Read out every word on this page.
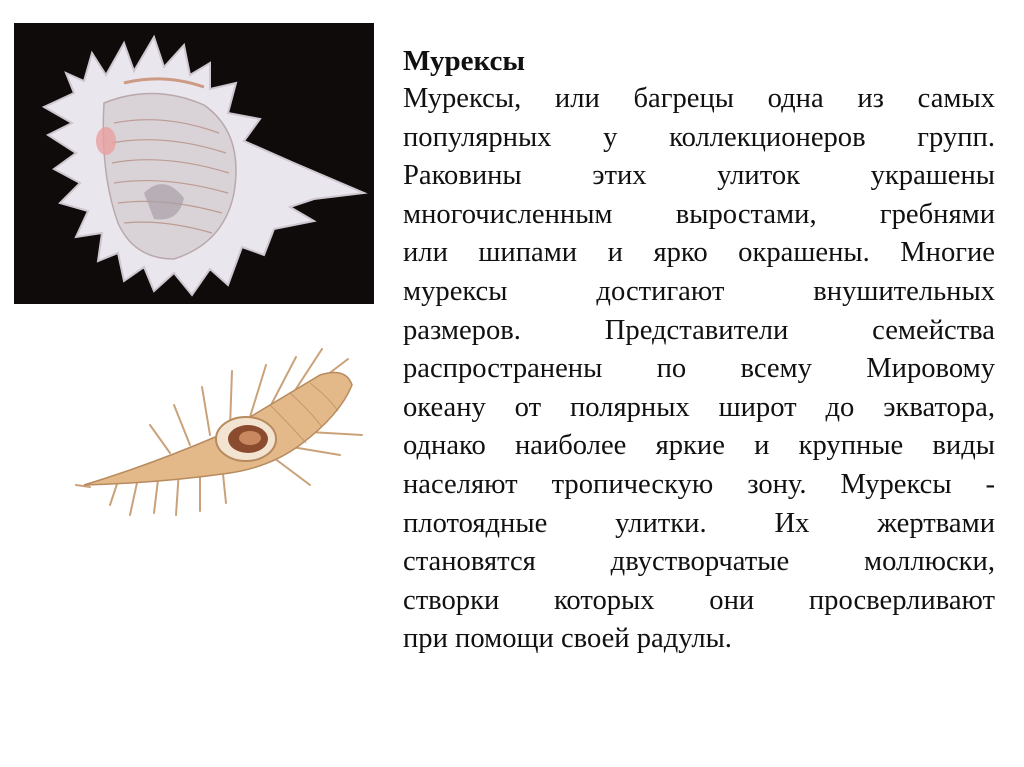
Мурексы

Мурексы, или багрецы одна из самых
популярных у коллекционеров групп.
Раковины этих улиток украшены
многочисленным выростами, гребнями
или шипами и ярко окрашены. Многие
мурексы достигают внушительных
размеров. Представители семейства
распространены по всему Мировому
океану от полярных широт до экватора,
однако наиболее яркие и крупные виды
населяют тропическую зону. Мурексы -
плотоядные улитки. Их жертвами
становятся двустворчатые моллюски,
створки которых они просверливают
при помощи своей радулы.
